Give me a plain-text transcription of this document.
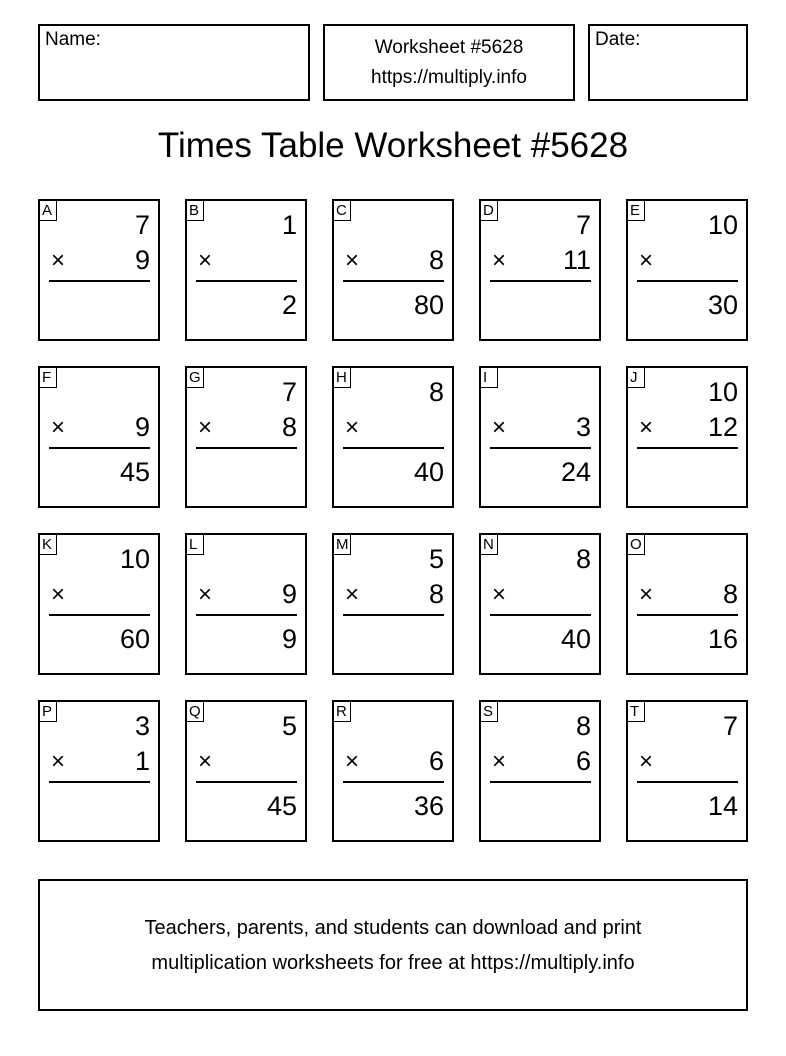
Name:	Worksheet #5628
https://multiply.info
Date:
Times Table Worksheet #5628
A	7
×	9
B	1
×
2
C
×	8
80
D	7
× 11
E	10
×
30
F
×	9
45
G	7
×	8
H	8
×
40
I
×	3
24
J	10
× 12
K	10
×
60
L
×	9
9
M	5
×	8
N	8
×
40
O
×	8
16
P	3
×	1
Q	5
×
45
R
×	6
36
S	8
×	6
T	7
×
14
Teachers, parents, and students can download and print
multiplication worksheets for free at https://multiply.info
